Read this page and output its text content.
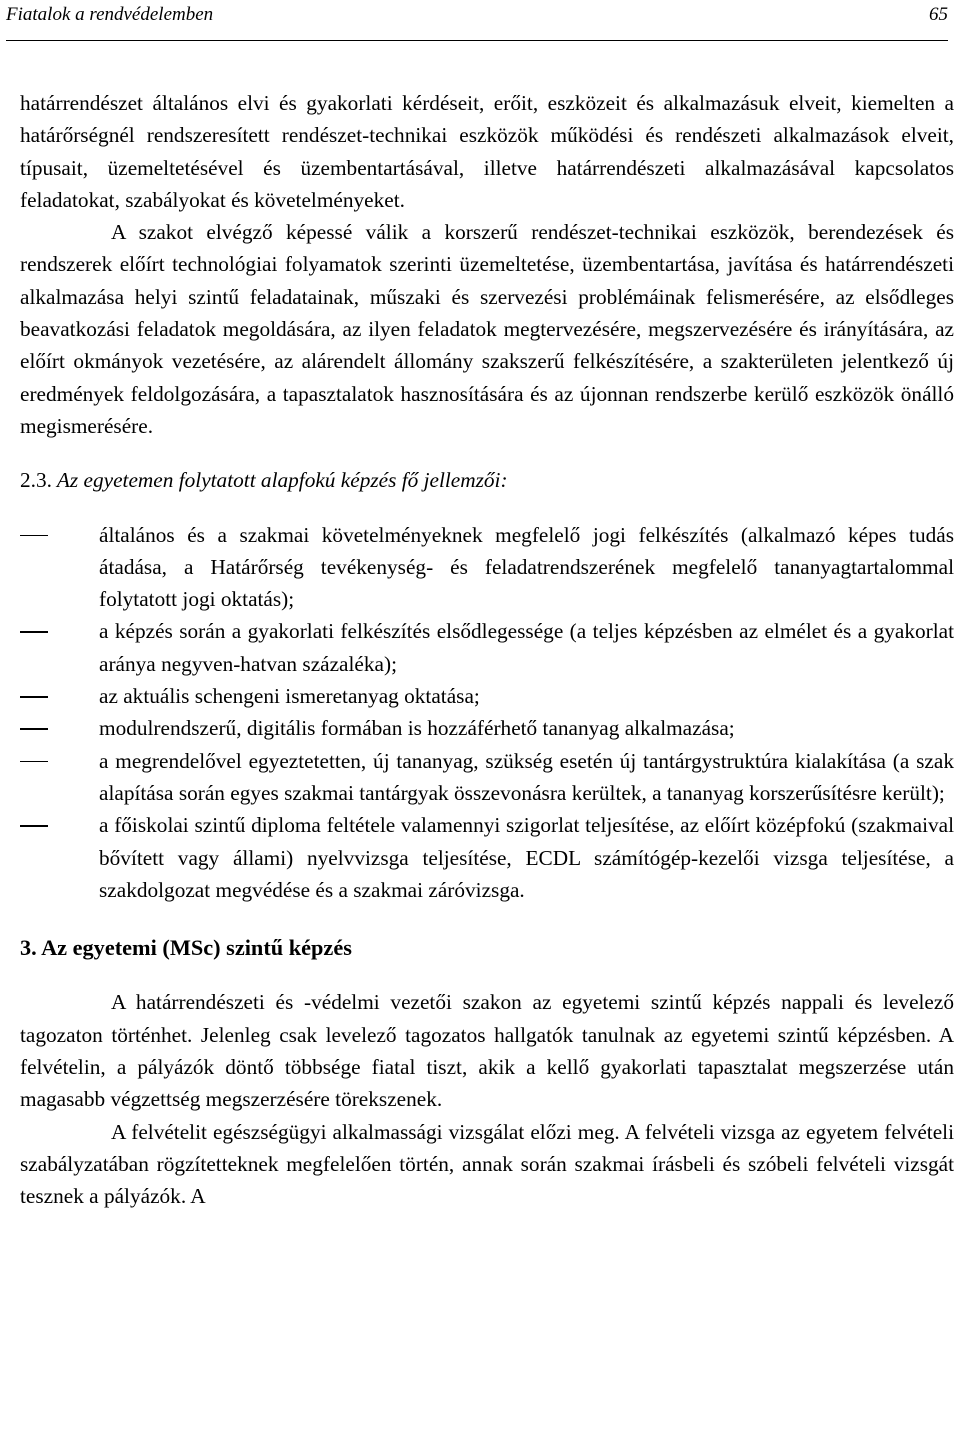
Fiatalok a rendvédelemben	65

határrendészet általános elvi és gyakorlati kérdéseit, erőit, eszközeit és alkalmazásuk elveit, kiemelten a határőrségnél rendszeresített rendészet-technikai eszközök működési és rendészeti alkalmazások elveit, típusait, üzemeltetésével és üzembentartásával, illetve határrendészeti alkalmazásával kapcsolatos feladatokat, szabályokat és követelményeket.

A szakot elvégző képessé válik a korszerű rendészet-technikai eszközök, berendezések és rendszerek előírt technológiai folyamatok szerinti üzemeltetése, üzembentartása, javítása és határrendészeti alkalmazása helyi szintű feladatainak, műszaki és szervezési problémáinak felismerésére, az elsődleges beavatkozási feladatok megoldására, az ilyen feladatok megtervezésére, megszervezésére és irányítására, az előírt okmányok vezetésére, az alárendelt állomány szakszerű felkészítésére, a szakterületen jelentkező új eredmények feldolgozására, a tapasztalatok hasznosítására és az újonnan rendszerbe kerülő eszközök önálló megismerésére.

2.3. Az egyetemen folytatott alapfokú képzés fő jellemzői:

általános és a szakmai követelményeknek megfelelő jogi felkészítés (alkalmazó képes tudás átadása, a Határőrség tevékenység- és feladatrendszerének megfelelő tananyagtartalommal folytatott jogi oktatás);
a képzés során a gyakorlati felkészítés elsődlegessége (a teljes képzésben az elmélet és a gyakorlat aránya negyven-hatvan százaléka);
az aktuális schengeni ismeretanyag oktatása;
modulrendszerű, digitális formában is hozzáférhető tananyag alkalmazása;
a megrendelővel egyeztetetten, új tananyag, szükség esetén új tantárgystruktúra kialakítása (a szak alapítása során egyes szakmai tantárgyak összevonásra kerültek, a tananyag korszerűsítésre került);
a főiskolai szintű diploma feltétele valamennyi szigorlat teljesítése, az előírt középfokú (szakmaival bővített vagy állami) nyelvvizsga teljesítése, ECDL számítógép-kezelői vizsga teljesítése, a szakdolgozat megvédése és a szakmai záróvizsga.

3. Az egyetemi (MSc) szintű képzés

A határrendészeti és -védelmi vezetői szakon az egyetemi szintű képzés nappali és levelező tagozaton történhet. Jelenleg csak levelező tagozatos hallgatók tanulnak az egyetemi szintű képzésben. A felvételin, a pályázók döntő többsége fiatal tiszt, akik a kellő gyakorlati tapasztalat megszerzése után magasabb végzettség megszerzésére törekszenek.

A felvételit egészségügyi alkalmassági vizsgálat előzi meg. A felvételi vizsga az egyetem felvételi szabályzatában rögzítetteknek megfelelően történ, annak során szakmai írásbeli és szóbeli felvételi vizsgát tesznek a pályázók. A
